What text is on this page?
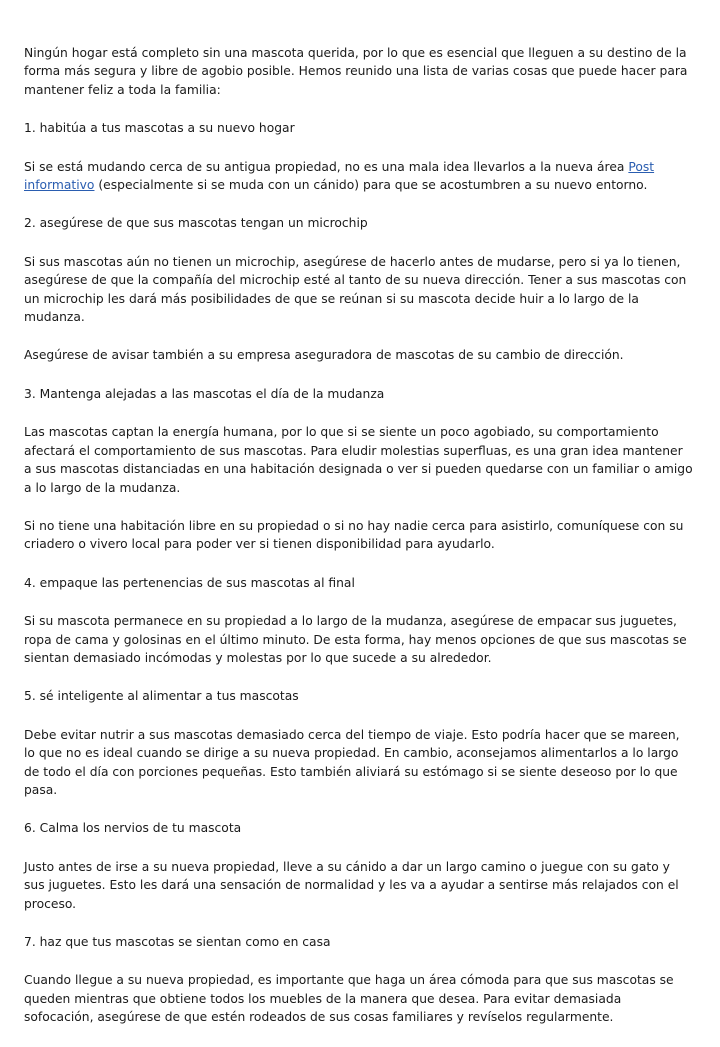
Ningún hogar está completo sin una mascota querida, por lo que es esencial que lleguen a su destino de la forma más segura y libre de agobio posible. Hemos reunido una lista de varias cosas que puede hacer para mantener feliz a toda la familia:

1. habitúa a tus mascotas a su nuevo hogar

Si se está mudando cerca de su antigua propiedad, no es una mala idea llevarlos a la nueva área Post informativo (especialmente si se muda con un cánido) para que se acostumbren a su nuevo entorno.

2. asegúrese de que sus mascotas tengan un microchip

Si sus mascotas aún no tienen un microchip, asegúrese de hacerlo antes de mudarse, pero si ya lo tienen, asegúrese de que la compañía del microchip esté al tanto de su nueva dirección. Tener a sus mascotas con un microchip les dará más posibilidades de que se reúnan si su mascota decide huir a lo largo de la mudanza.

Asegúrese de avisar también a su empresa aseguradora de mascotas de su cambio de dirección.

3. Mantenga alejadas a las mascotas el día de la mudanza

Las mascotas captan la energía humana, por lo que si se siente un poco agobiado, su comportamiento afectará el comportamiento de sus mascotas. Para eludir molestias superfluas, es una gran idea mantener a sus mascotas distanciadas en una habitación designada o ver si pueden quedarse con un familiar o amigo a lo largo de la mudanza.

Si no tiene una habitación libre en su propiedad o si no hay nadie cerca para asistirlo, comuníquese con su criadero o vivero local para poder ver si tienen disponibilidad para ayudarlo.

4. empaque las pertenencias de sus mascotas al final

Si su mascota permanece en su propiedad a lo largo de la mudanza, asegúrese de empacar sus juguetes, ropa de cama y golosinas en el último minuto. De esta forma, hay menos opciones de que sus mascotas se sientan demasiado incómodas y molestas por lo que sucede a su alrededor.

5. sé inteligente al alimentar a tus mascotas

Debe evitar nutrir a sus mascotas demasiado cerca del tiempo de viaje. Esto podría hacer que se mareen, lo que no es ideal cuando se dirige a su nueva propiedad. En cambio, aconsejamos alimentarlos a lo largo de todo el día con porciones pequeñas. Esto también aliviará su estómago si se siente deseoso por lo que pasa.

6. Calma los nervios de tu mascota

Justo antes de irse a su nueva propiedad, lleve a su cánido a dar un largo camino o juegue con su gato y sus juguetes. Esto les dará una sensación de normalidad y les va a ayudar a sentirse más relajados con el proceso.

7. haz que tus mascotas se sientan como en casa

Cuando llegue a su nueva propiedad, es importante que haga un área cómoda para que sus mascotas se queden mientras que obtiene todos los muebles de la manera que desea. Para evitar demasiada sofocación, asegúrese de que estén rodeados de sus cosas familiares y revíselos regularmente.
